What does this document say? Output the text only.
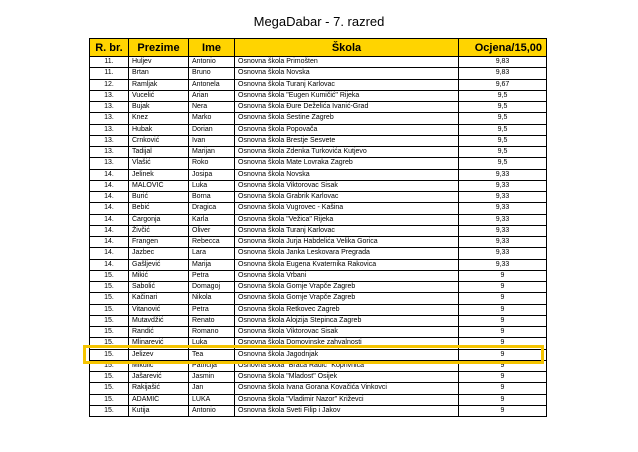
MegaDabar - 7. razred
R. br.	Prezime	Ime	Škola	Ocjena/15,00
11.	Huljev	Antonio	Osnovna škola Primošten	9,83
11.	Brtan	Bruno	Osnovna škola Novska	9,83
12.	Ramljak	Antonela	Osnovna škola Turanj Karlovac	9,67
13.	Vucelić	Arian	Osnovna škola "Eugen Kumičić" Rijeka	9,5
13.	Bujak	Nera	Osnovna škola Đure Deželića Ivanić-Grad	9,5
13.	Knez	Marko	Osnovna škola Šestine Zagreb	9,5
13.	Hubak	Dorian	Osnovna škola Popovača	9,5
13.	Crnković	Ivan	Osnovna škola Brestje Sesvete	9,5
13.	Tadijal	Marijan	Osnovna škola Zdenka Turkovića Kutjevo	9,5
13.	Vlašić	Roko	Osnovna škola Mate Lovraka Zagreb	9,5
14.	Jelinek	Josipa	Osnovna škola Novska	9,33
14.	MALOVIĆ	Luka	Osnovna škola Viktorovac Sisak	9,33
14.	Burić	Borna	Osnovna škola Grabrik Karlovac	9,33
14.	Bebić	Dragica	Osnovna škola Vugrovec - Kašina	9,33
14.	Čargonja	Karla	Osnovna škola "Vežica" Rijeka	9,33
14.	Živčić	Oliver	Osnovna škola Turanj Karlovac	9,33
14.	Frangen	Rebecca	Osnovna škola Jurja Habdelića Velika Gorica	9,33
14.	Jazbec	Lara	Osnovna škola Janka Leskovara Pregrada	9,33
14.	Gašljević	Marija	Osnovna škola Eugena Kvaternika Rakovica	9,33
15.	Mikić	Petra	Osnovna škola Vrbani	9
15.	Sabolić	Domagoj	Osnovna škola Gornje Vrapče Zagreb	9
15.	Kačinari	Nikola	Osnovna škola Gornje Vrapče Zagreb	9
15.	Vitanović	Petra	Osnovna škola Retkovec Zagreb	9
15.	Mutavdžić	Renato	Osnovna škola Alojzija Stepinca Zagreb	9
15.	Randić	Romano	Osnovna škola Viktorovac Sisak	9
15.	Mlinarević	Luka	Osnovna škola Domovinske zahvalnosti	9
15.	Jelizev	Tea	Osnovna škola Jagodnjak	9
15.	Mikulić	Patricija	Osnovna škola "Braća Radić" Koprivnica	9
15.	Jašarević	Jasmin	Osnovna škola "Mladost" Osijek	9
15.	Rakijašić	Jan	Osnovna škola Ivana Gorana Kovačića Vinkovci	9
15.	ADAMIĆ	LUKA	Osnovna škola "Vladimir Nazor" Križevci	9
15.	Kutija	Antonio	Osnovna škola Sveti Filip i Jakov	9
